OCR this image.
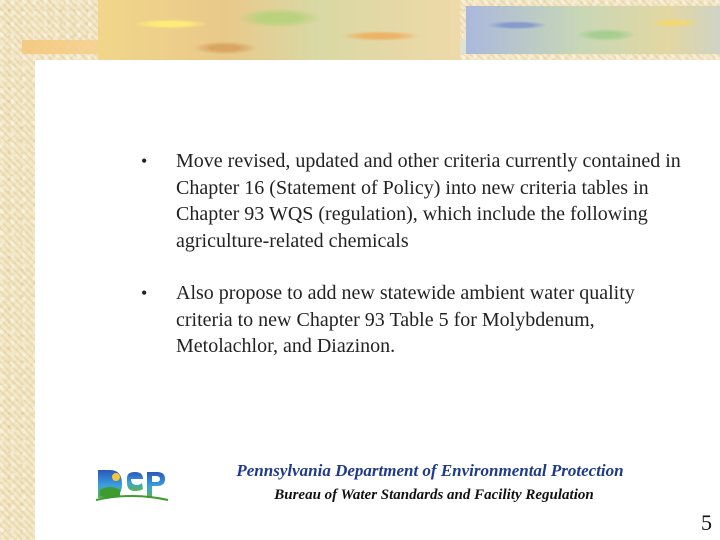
• Move revised, updated and other criteria currently contained in Chapter 16 (Statement of Policy) into new criteria tables in Chapter 93 WQS (regulation), which include the following agriculture-related chemicals
• Also propose to add new statewide ambient water quality criteria to new Chapter 93 Table 5 for Molybdenum, Metolachlor, and Diazinon.
Pennsylvania Department of Environmental Protection
Bureau of Water Standards and Facility Regulation
5
